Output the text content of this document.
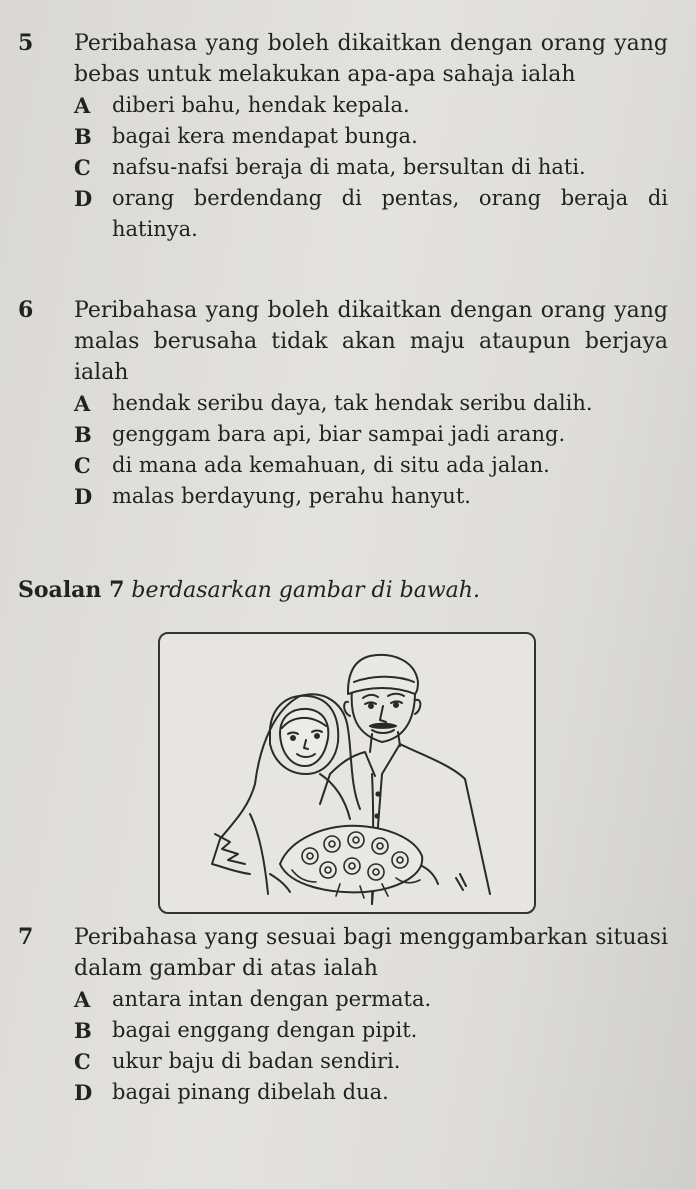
5	Peribahasa yang boleh dikaitkan dengan orang yang bebas untuk melakukan apa-apa sahaja ialah
A	diberi bahu, hendak kepala.
B bagai kera mendapat bunga.
C	nafsu-nafsi beraja di mata, bersultan di hati.
D orang berdendang di pentas, orang beraja di hatinya.
6	Peribahasa yang boleh dikaitkan dengan orang yang malas berusaha tidak akan maju ataupun berjaya ialah
A	hendak seribu daya, tak hendak seribu dalih.
B genggam bara api, biar sampai jadi arang.
C	di mana ada kemahuan, di situ ada jalan.
D malas berdayung, perahu hanyut.
Soalan 7 berdasarkan gambar di bawah.
7	Peribahasa yang sesuai bagi menggambarkan situasi dalam gambar di atas ialah
A	antara intan dengan permata.
B bagai enggang dengan pipit.
C	ukur baju di badan sendiri.
D bagai pinang dibelah dua.
